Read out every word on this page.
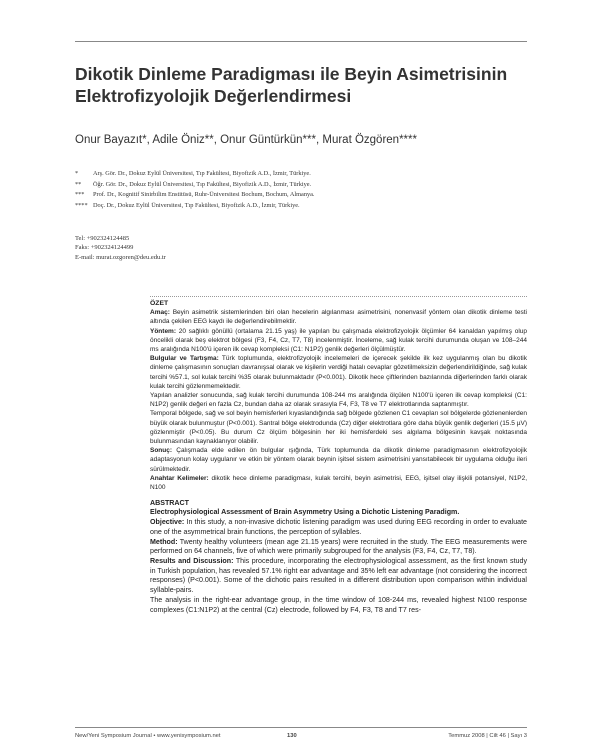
Dikotik Dinleme Paradigması ile Beyin Asimetrisinin
Elektrofizyolojik Değerlendirmesi
Onur Bayazıt*, Adile Öniz**, Onur Güntürkün***, Murat Özgören****
*	Arş. Gör. Dr., Dokuz Eylül Üniversitesi, Tıp Fakültesi, Biyofizik A.D., İzmir, Türkiye.
**	Öğr. Gör. Dr., Dokuz Eylül Üniversitesi, Tıp Fakültesi, Biyofizik A.D., İzmir, Türkiye.
***	Prof. Dr., Kognitif Sinirbilim Enstitüsü, Ruhr-Üniversitesi Bochum, Bochum, Almanya.
**** Doç. Dr., Dokuz Eylül Üniversitesi, Tıp Fakültesi, Biyofizik A.D., İzmir, Türkiye.
Tel: +902324124485
Faks: +902324124499
E-mail: murat.ozgoren@deu.edu.tr
ÖZET

Amaç: Beyin asimetrik sistemlerinden biri olan hecelerin algılanması asimetrisini, nonenvasif yöntem olan dikotik dinleme testi altında çekilen EEG kaydı ile değerlendirebilmektir.

Yöntem: 20 sağlıklı gönüllü (ortalama 21.15 yaş) ile yapılan bu çalışmada elektrofizyolojik ölçümler 64 kanaldan yapılmış olup öncelikli olarak beş elektrot bölgesi (F3, F4, Cz, T7, T8) incelenmiştir. İnceleme, sağ kulak tercihi durumunda oluşan ve 108–244 ms aralığında N100'ü içeren ilk cevap kompleksi (C1: N1P2) genlik değerleri ölçülmüştür.

Bulgular ve Tartışma: Türk toplumunda, elektrofizyolojik incelemeleri de içerecek şekilde ilk kez uygulanmış olan bu dikotik dinleme çalışmasının sonuçları davranışsal olarak ve kişilerin verdiği hatalı cevaplar gözetilmeksizin değerlendirildiğinde, sağ kulak tercihi %57.1, sol kulak tercihi %35 olarak bulunmaktadır (P<0.001). Dikotik hece çiftlerinden bazılarında diğerlerinden farklı olarak kulak tercihi gözlenmemektedir.

Yapılan analizler sonucunda, sağ kulak tercihi durumunda 108-244 ms aralığında ölçülen N100'ü içeren ilk cevap kompleksi (C1: N1P2) genlik değeri en fazla Cz, bundan daha az olarak sırasıyla F4, F3, T8 ve T7 elektrotlarında saptanmıştır.

Temporal bölgede, sağ ve sol beyin hemisferleri kıyaslandığında sağ bölgede gözlenen C1 cevapları sol bölgelerde gözlenenlerden büyük olarak bulunmuştur (P<0.001). Santral bölge elektrodunda (Cz) diğer elektrotlara göre daha büyük genlik değerleri (15.5 µV) gözlenmiştir (P<0.05). Bu durum Cz ölçüm bölgesinin her iki hemisferdeki ses algılama bölgesinin kavşak noktasında bulunmasından kaynaklanıyor olabilir.

Sonuç: Çalışmada elde edilen ön bulgular ışığında, Türk toplumunda da dikotik dinleme paradigmasının elektrofizyolojik adaptasyonun kolay uygulanır ve etkin bir yöntem olarak beynin işitsel sistem asimetrisini yansıtabilecek bir uygulama olduğu ileri sürülmektedir.

Anahtar Kelimeler: dikotik hece dinleme paradigması, kulak tercihi, beyin asimetrisi, EEG, işitsel olay ilişkili potansiyel, N1P2, N100

ABSTRACT
Electrophysiological Assessment of Brain Asymmetry Using a Dichotic Listening Paradigm.

Objective: In this study, a non-invasive dichotic listening paradigm was used during EEG recording in order to evaluate one of the asymmetrical brain functions, the perception of syllables.

Method: Twenty healthy volunteers (mean age 21.15 years) were recruited in the study. The EEG measurements were performed on 64 channels, five of which were primarily subgrouped for the analysis (F3, F4, Cz, T7, T8).

Results and Discussion: This procedure, incorporating the electrophysiological assessment, as the first known study in Turkish population, has revealed 57.1% right ear advantage and 35% left ear advantage (not considering the incorrect responses) (P<0.001). Some of the dichotic pairs resulted in a different distribution upon comparison within individual syllable-pairs.

The analysis in the right-ear advantage group, in the time window of 108-244 ms, revealed highest N100 response complexes (C1:N1P2) at the central (Cz) electrode, followed by F4, F3, T8 and T7 res-

New/Yeni Symposium Journal • www.yenisymposium.net	130	Temmuz 2008 | Cilt 46 | Sayı 3
